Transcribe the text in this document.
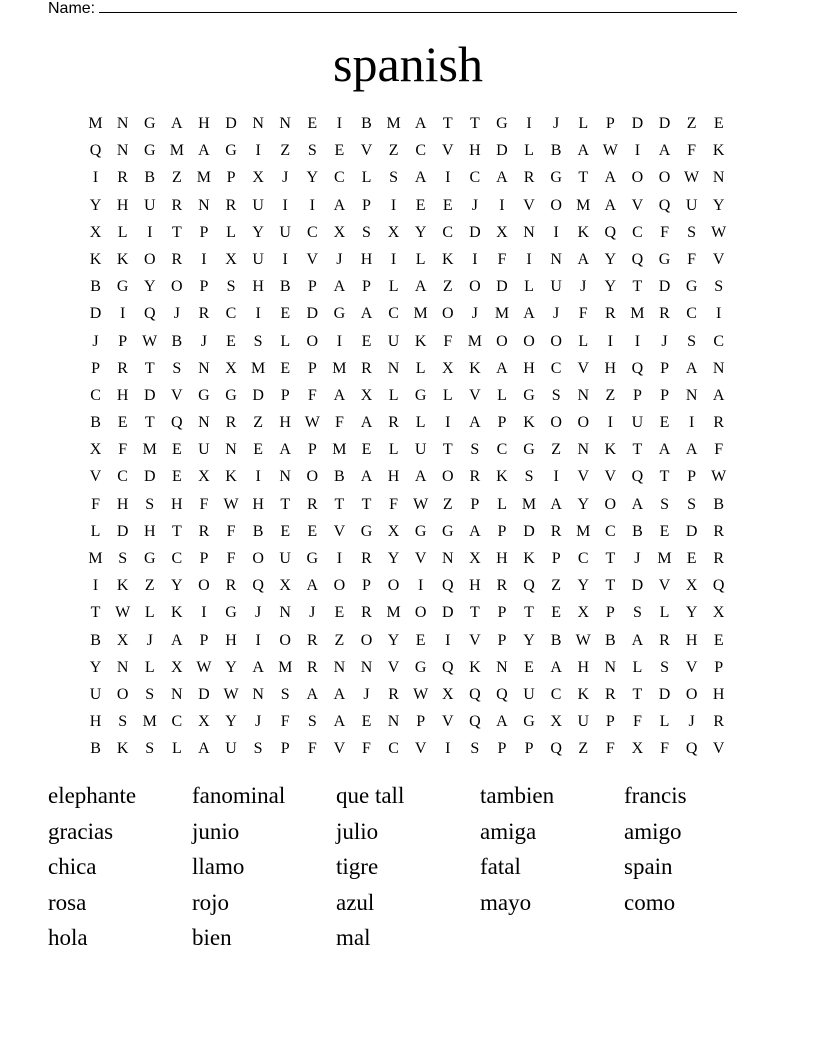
Name:
spanish
M N G A H D N N	E	I	B M A	T	T	G	I	J	L	P	D D	Z	E
Q N G M A G	I	Z	S	E	V	Z	C V H D	L	B A W	I	A	F	K
I	R	B	Z M P	X	J	Y C	L	S	A	I	C A R G	T	A O O W N
Y H U R N R U	I	I	A	P	I	E	E	J	I	V O M A V Q U Y
X	L	I	T	P	L	Y U C X	S	X Y C D X N	I	K Q C	F	S W
K K O R	I	X U	I	V	J	H	I	L	K	I	F	I	N A Y Q G	F	V
B G Y O	P	S	H B	P	A	P	L	A	Z	O D	L	U	J	Y	T	D G	S
D	I	Q	J	R	C	I	E	D G A C M O	J	M A	J	F	R M R	C	I
J	P W B	J	E	S	L	O	I	E	U K	F M O O O	L	I	I	J	S	C
P	R	T	S	N X M E	P M R N	L	X K A H C V H Q	P	A N
C H D V G G D	P	F	A X	L	G	L	V	L	G	S	N	Z	P	P	N A
B	E	T	Q N R	Z	H W F	A R	L	I	A	P	K O O	I	U	E	I	R
X	F M E	U N	E	A	P M E	L	U	T	S	C G	Z	N K	T	A A	F
V C D	E	X K	I	N O B A H A O R K	S	I	V V Q	T	P W
F	H	S	H	F W H	T	R	T	T	F W Z	P	L M A Y O A	S	S	B
L	D H	T	R	F	B	E	E	V G X G G A	P	D R M C	B	E	D R
M S	G C	P	F	O U G	I	R Y V N X H K	P	C	T	J	M E	R
I	K	Z	Y O R Q X A O	P	O	I	Q H R Q	Z	Y	T	D V X Q
T W L	K	I	G	J	N	J	E	R M O D	T	P	T	E	X	P	S	L	Y X
B X	J	A	P	H	I	O R	Z	O Y	E	I	V	P	Y B W B A R H	E
Y N	L	X W Y A M R N N V G Q K N	E	A H N	L	S	V	P
U O	S	N D W N	S	A A	J	R W X Q Q U C K R	T	D O H
H	S M C X Y	J	F	S	A	E	N	P	V Q A G X U	P	F	L	J	R
B K	S	L	A U	S	P	F	V	F	C V	I	S	P	P	Q	Z	F	X	F	Q V
elephante	fanominal	que tall	tambien	francis
gracias	junio	julio	amiga	amigo
chica	llamo	tigre	fatal	spain
rosa	rojo	azul	mayo	como
hola	bien	mal
